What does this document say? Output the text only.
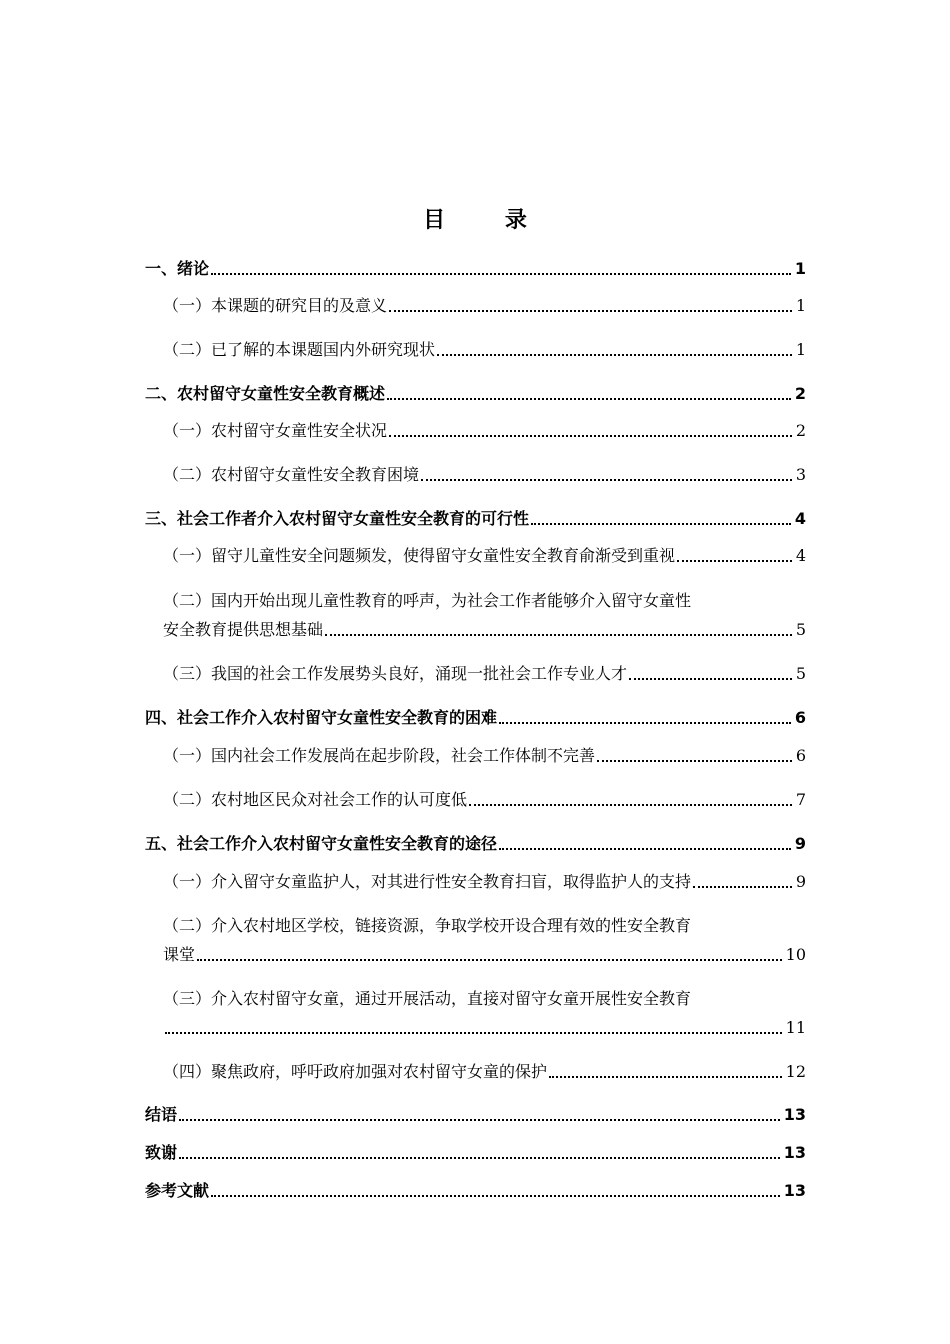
目 录
一、绪论	1
（一）本课题的研究目的及意义	1
（二）已了解的本课题国内外研究现状	1
二、农村留守女童性安全教育概述	2
（一）农村留守女童性安全状况	2
（二）农村留守女童性安全教育困境	3
三、社会工作者介入农村留守女童性安全教育的可行性	4
（一）留守儿童性安全问题频发，使得留守女童性安全教育俞渐受到重视	4
（二）国内开始出现儿童性教育的呼声，为社会工作者能够介入留守女童性
安全教育提供思想基础	5
（三）我国的社会工作发展势头良好，涌现一批社会工作专业人才	5
四、社会工作介入农村留守女童性安全教育的困难	6
（一）国内社会工作发展尚在起步阶段，社会工作体制不完善	6
（二）农村地区民众对社会工作的认可度低	7
五、社会工作介入农村留守女童性安全教育的途径	9
（一）介入留守女童监护人，对其进行性安全教育扫盲，取得监护人的支持	9
（二）介入农村地区学校，链接资源，争取学校开设合理有效的性安全教育
课堂	10
（三）介入农村留守女童，通过开展活动，直接对留守女童开展性安全教育
11
（四）聚焦政府，呼吁政府加强对农村留守女童的保护	12
结语	13
致谢	13
参考文献	13
